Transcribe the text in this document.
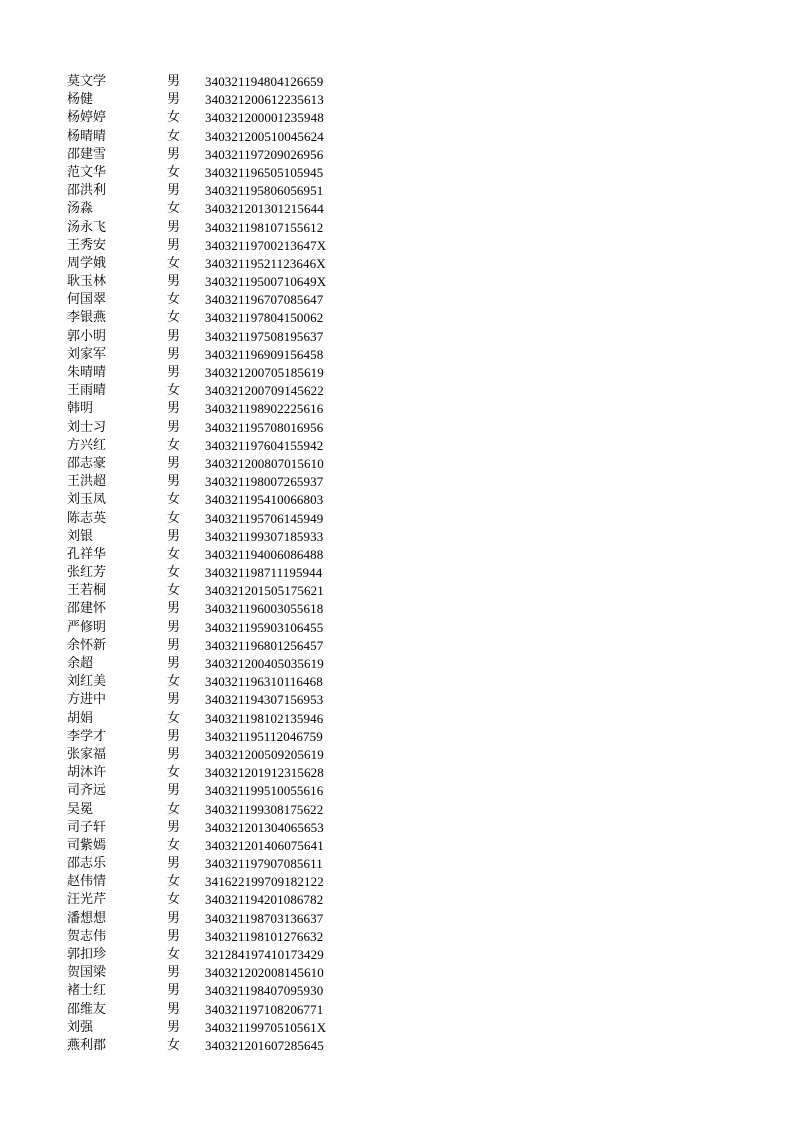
莫文学	男	340321194804126659
杨健	男	340321200612235613
杨婷婷	女	340321200001235948
杨晴晴	女	340321200510045624
邵建雪	男	340321197209026956
范文华	女	340321196505105945
邵洪利	男	340321195806056951
汤淼	女	340321201301215644
汤永飞	男	340321198107155612
王秀安	男	34032119700213647X
周学娥	女	34032119521123646X
耿玉林	男	34032119500710649X
何国翠	女	340321196707085647
李银燕	女	340321197804150062
郭小明	男	340321197508195637
刘家军	男	340321196909156458
朱晴晴	男	340321200705185619
王雨晴	女	340321200709145622
韩明	男	340321198902225616
刘士习	男	340321195708016956
方兴红	女	340321197604155942
邵志豪	男	340321200807015610
王洪超	男	340321198007265937
刘玉凤	女	340321195410066803
陈志英	女	340321195706145949
刘银	男	340321199307185933
孔祥华	女	340321194006086488
张红芳	女	340321198711195944
王若桐	女	340321201505175621
邵建怀	男	340321196003055618
严修明	男	340321195903106455
余怀新	男	340321196801256457
余超	男	340321200405035619
刘红美	女	340321196310116468
方进中	男	340321194307156953
胡娟	女	340321198102135946
李学才	男	340321195112046759
张家福	男	340321200509205619
胡沐许	女	340321201912315628
司齐远	男	340321199510055616
吴冕	女	340321199308175622
司子轩	男	340321201304065653
司紫嫣	女	340321201406075641
邵志乐	男	340321197907085611
赵伟情	女	341622199709182122
汪光芹	女	340321194201086782
潘想想	男	340321198703136637
贺志伟	男	340321198101276632
郭扣珍	女	321284197410173429
贺国梁	男	340321202008145610
褚士红	男	340321198407095930
邵维友	男	340321197108206771
刘强	男	34032119970510561X
燕利郡	女	340321201607285645
